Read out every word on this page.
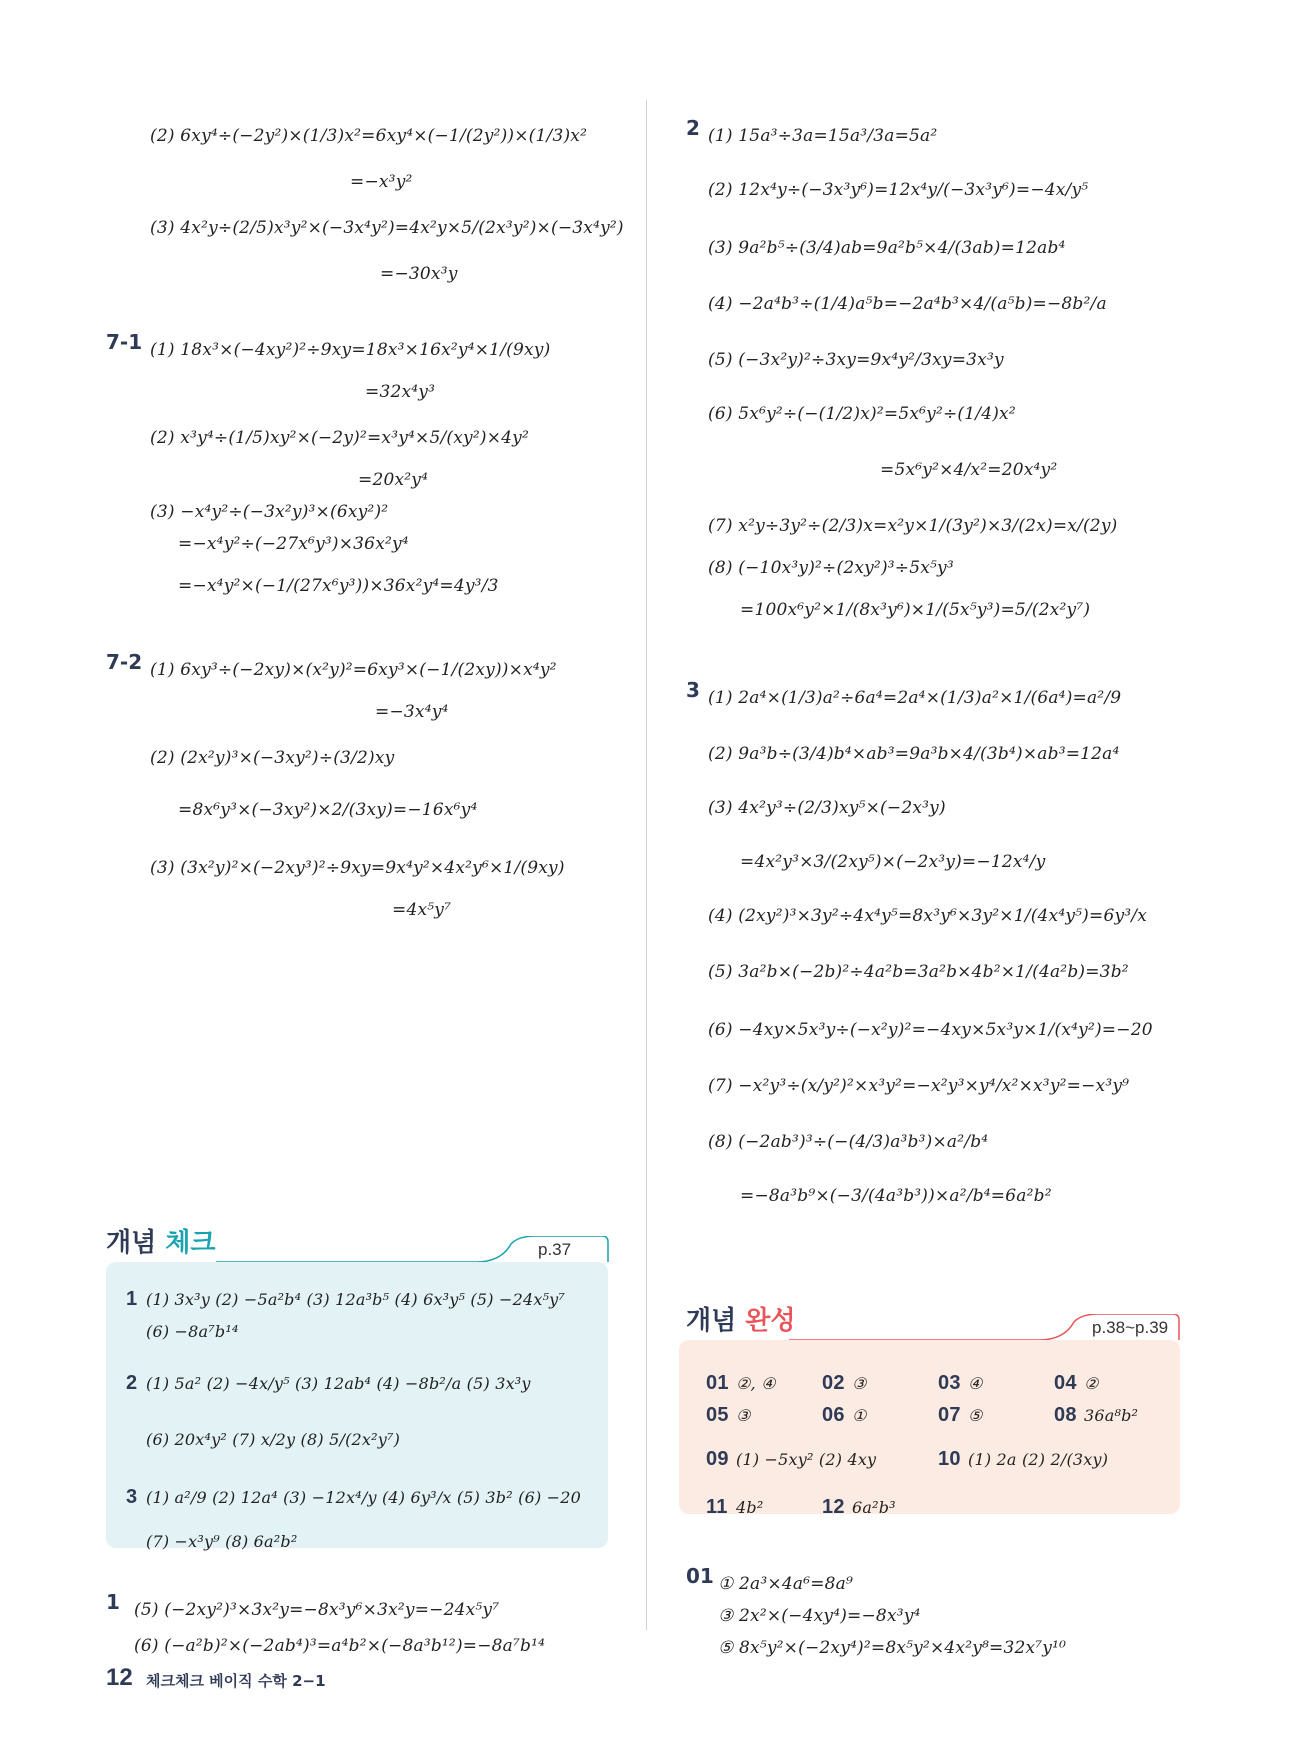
7-1
7-2
2
3
1
01
(2) 6xy⁴÷(−2y²)×(1/3)x²=6xy⁴×(−1/(2y²))×(1/3)x²
=−x³y²
(3) 4x²y÷(2/5)x³y²×(−3x⁴y²)=4x²y×5/(2x³y²)×(−3x⁴y²)
=−30x³y
(1) 18x³×(−4xy²)²÷9xy=18x³×16x²y⁴×1/(9xy)
=32x⁴y³
(2) x³y⁴÷(1/5)xy²×(−2y)²=x³y⁴×5/(xy²)×4y²
=20x²y⁴
(3) −x⁴y²÷(−3x²y)³×(6xy²)²
=−x⁴y²÷(−27x⁶y³)×36x²y⁴
=−x⁴y²×(−1/(27x⁶y³))×36x²y⁴=4y³/3
(1) 6xy³÷(−2xy)×(x²y)²=6xy³×(−1/(2xy))×x⁴y²
=−3x⁴y⁴
(2) (2x²y)³×(−3xy²)÷(3/2)xy
=8x⁶y³×(−3xy²)×2/(3xy)=−16x⁶y⁴
(3) (3x²y)²×(−2xy³)²÷9xy=9x⁴y²×4x²y⁶×1/(9xy)
=4x⁵y⁷
(1) 15a³÷3a=15a³/3a=5a²
(2) 12x⁴y÷(−3x³y⁶)=12x⁴y/(−3x³y⁶)=−4x/y⁵
(3) 9a²b⁵÷(3/4)ab=9a²b⁵×4/(3ab)=12ab⁴
(4) −2a⁴b³÷(1/4)a⁵b=−2a⁴b³×4/(a⁵b)=−8b²/a
(5) (−3x²y)²÷3xy=9x⁴y²/3xy=3x³y
(6) 5x⁶y²÷(−(1/2)x)²=5x⁶y²÷(1/4)x²
=5x⁶y²×4/x²=20x⁴y²
(7) x²y÷3y²÷(2/3)x=x²y×1/(3y²)×3/(2x)=x/(2y)
(8) (−10x³y)²÷(2xy²)³÷5x⁵y³
=100x⁶y²×1/(8x³y⁶)×1/(5x⁵y³)=5/(2x²y⁷)
(1) 2a⁴×(1/3)a²÷6a⁴=2a⁴×(1/3)a²×1/(6a⁴)=a²/9
(2) 9a³b÷(3/4)b⁴×ab³=9a³b×4/(3b⁴)×ab³=12a⁴
(3) 4x²y³÷(2/3)xy⁵×(−2x³y)
=4x²y³×3/(2xy⁵)×(−2x³y)=−12x⁴/y
(4) (2xy²)³×3y²÷4x⁴y⁵=8x³y⁶×3y²×1/(4x⁴y⁵)=6y³/x
(5) 3a²b×(−2b)²÷4a²b=3a²b×4b²×1/(4a²b)=3b²
(6) −4xy×5x³y÷(−x²y)²=−4xy×5x³y×1/(x⁴y²)=−20
(7) −x²y³÷(x/y²)²×x³y²=−x²y³×y⁴/x²×x³y²=−x³y⁹
(8) (−2ab³)³÷(−(4/3)a³b³)×a²/b⁴
=−8a³b⁹×(−3/(4a³b³))×a²/b⁴=6a²b²
개념 체크	p.37
1 (1) 3x³y (2) −5a²b⁴ (3) 12a³b⁵ (4) 6x³y⁵ (5) −24x⁵y⁷
(6) −8a⁷b¹⁴
2 (1) 5a² (2) −4x/y⁵ (3) 12ab⁴ (4) −8b²/a (5) 3x³y
(6) 20x⁴y² (7) x/2y (8) 5/(2x²y⁷)
3 (1) a²/9 (2) 12a⁴ (3) −12x⁴/y (4) 6y³/x (5) 3b² (6) −20
(7) −x³y⁹ (8) 6a²b²
개념 완성	p.38~p.39
01 ②, ④ 02 ③	03 ④	04 ②
05 ③	06 ①	07 ⑤	08 36a⁸b²
09 (1) −5xy² (2) 4xy	10 (1) 2a (2) 2/(3xy)
11 4b²	12 6a²b³
(5) (−2xy²)³×3x²y=−8x³y⁶×3x²y=−24x⁵y⁷
(6) (−a²b)²×(−2ab⁴)³=a⁴b²×(−8a³b¹²)=−8a⁷b¹⁴
① 2a³×4a⁶=8a⁹
③ 2x²×(−4xy⁴)=−8x³y⁴
⑤ 8x⁵y²×(−2xy⁴)²=8x⁵y²×4x²y⁸=32x⁷y¹⁰
12 체크체크 베이직 수학 2−1
